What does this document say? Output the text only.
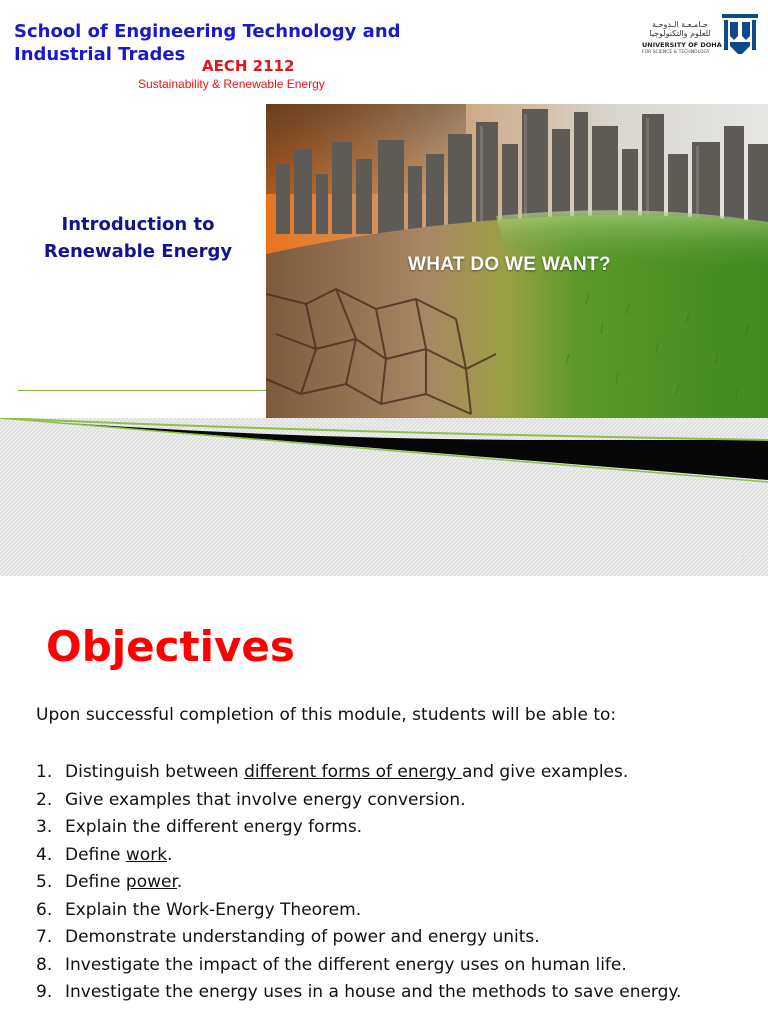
School of Engineering Technology and Industrial Trades

AECH 2112

Sustainability & Renewable Energy

جـامـعـة الـدوحـة للعلوم والتكنولوجيا
UNIVERSITY OF DOHA
FOR SCIENCE & TECHNOLOGY

Introduction to Renewable Energy

WHAT DO WE WANT?
1
Objectives

Upon successful completion of this module, students will be able to:

1. Distinguish between different forms of energy and give examples.
2. Give examples that involve energy conversion.
3. Explain the different energy forms.
4. Define work.
5. Define power.
6. Explain the Work-Energy Theorem.
7. Demonstrate understanding of power and energy units.
8. Investigate the impact of the different energy uses on human life.
9. Investigate the energy uses in a house and the methods to save energy.
